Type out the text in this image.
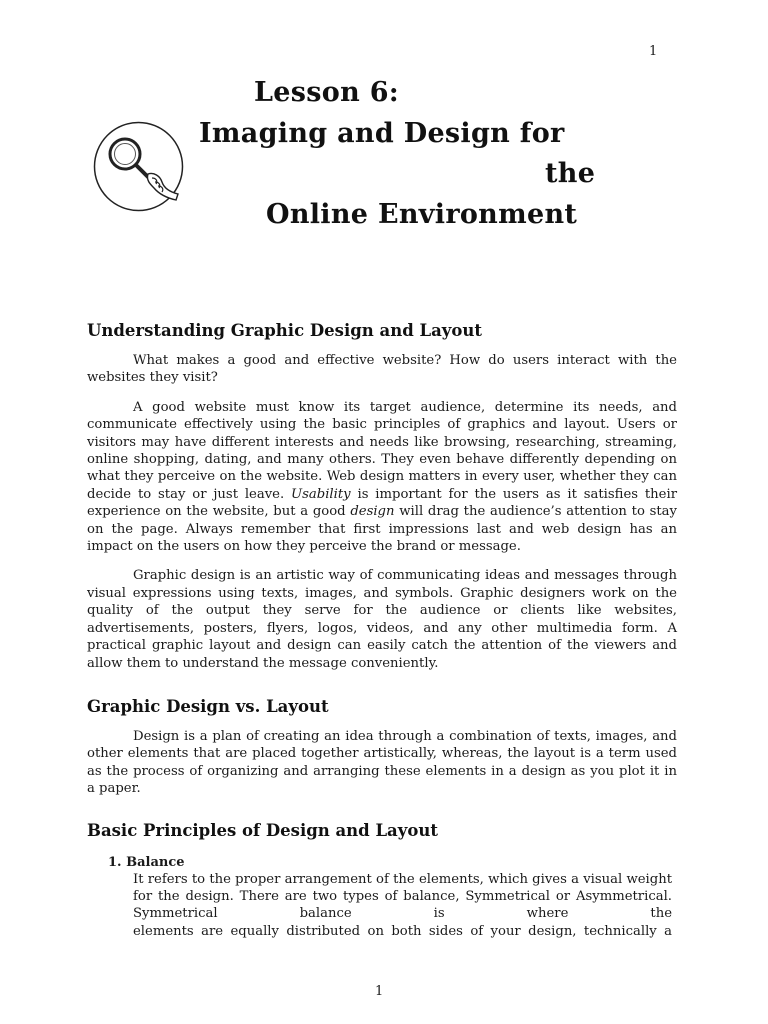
1
Lesson 6:
Imaging and Design for
the
Online Environment
Understanding Graphic Design and Layout

What makes a good and effective website? How do users interact with the websites they visit?

A good website must know its target audience, determine its needs, and communicate effectively using the basic principles of graphics and layout. Users or visitors may have different interests and needs like browsing, researching, streaming, online shopping, dating, and many others. They even behave differently depending on what they perceive on the website. Web design matters in every user, whether they can decide to stay or just leave. Usability is important for the users as it satisfies their experience on the website, but a good design will drag the audience’s attention to stay on the page. Always remember that first impressions last and web design has an impact on the users on how they perceive the brand or message.

Graphic design is an artistic way of communicating ideas and messages through visual expressions using texts, images, and symbols. Graphic designers work on the quality of the output they serve for the audience or clients like websites, advertisements, posters, flyers, logos, videos, and any other multimedia form. A practical graphic layout and design can easily catch the attention of the viewers and allow them to understand the message conveniently.

Graphic Design vs. Layout

Design is a plan of creating an idea through a combination of texts, images, and other elements that are placed together artistically, whereas, the layout is a term used as the process of organizing and arranging these elements in a design as you plot it in a paper.

Basic Principles of Design and Layout
1. Balance
It refers to the proper arrangement of the elements, which gives a visual weight for the design. There are two types of balance, Symmetrical or Asymmetrical. Symmetrical balance is where the
elements are equally distributed on both sides of your design, technically a
1
